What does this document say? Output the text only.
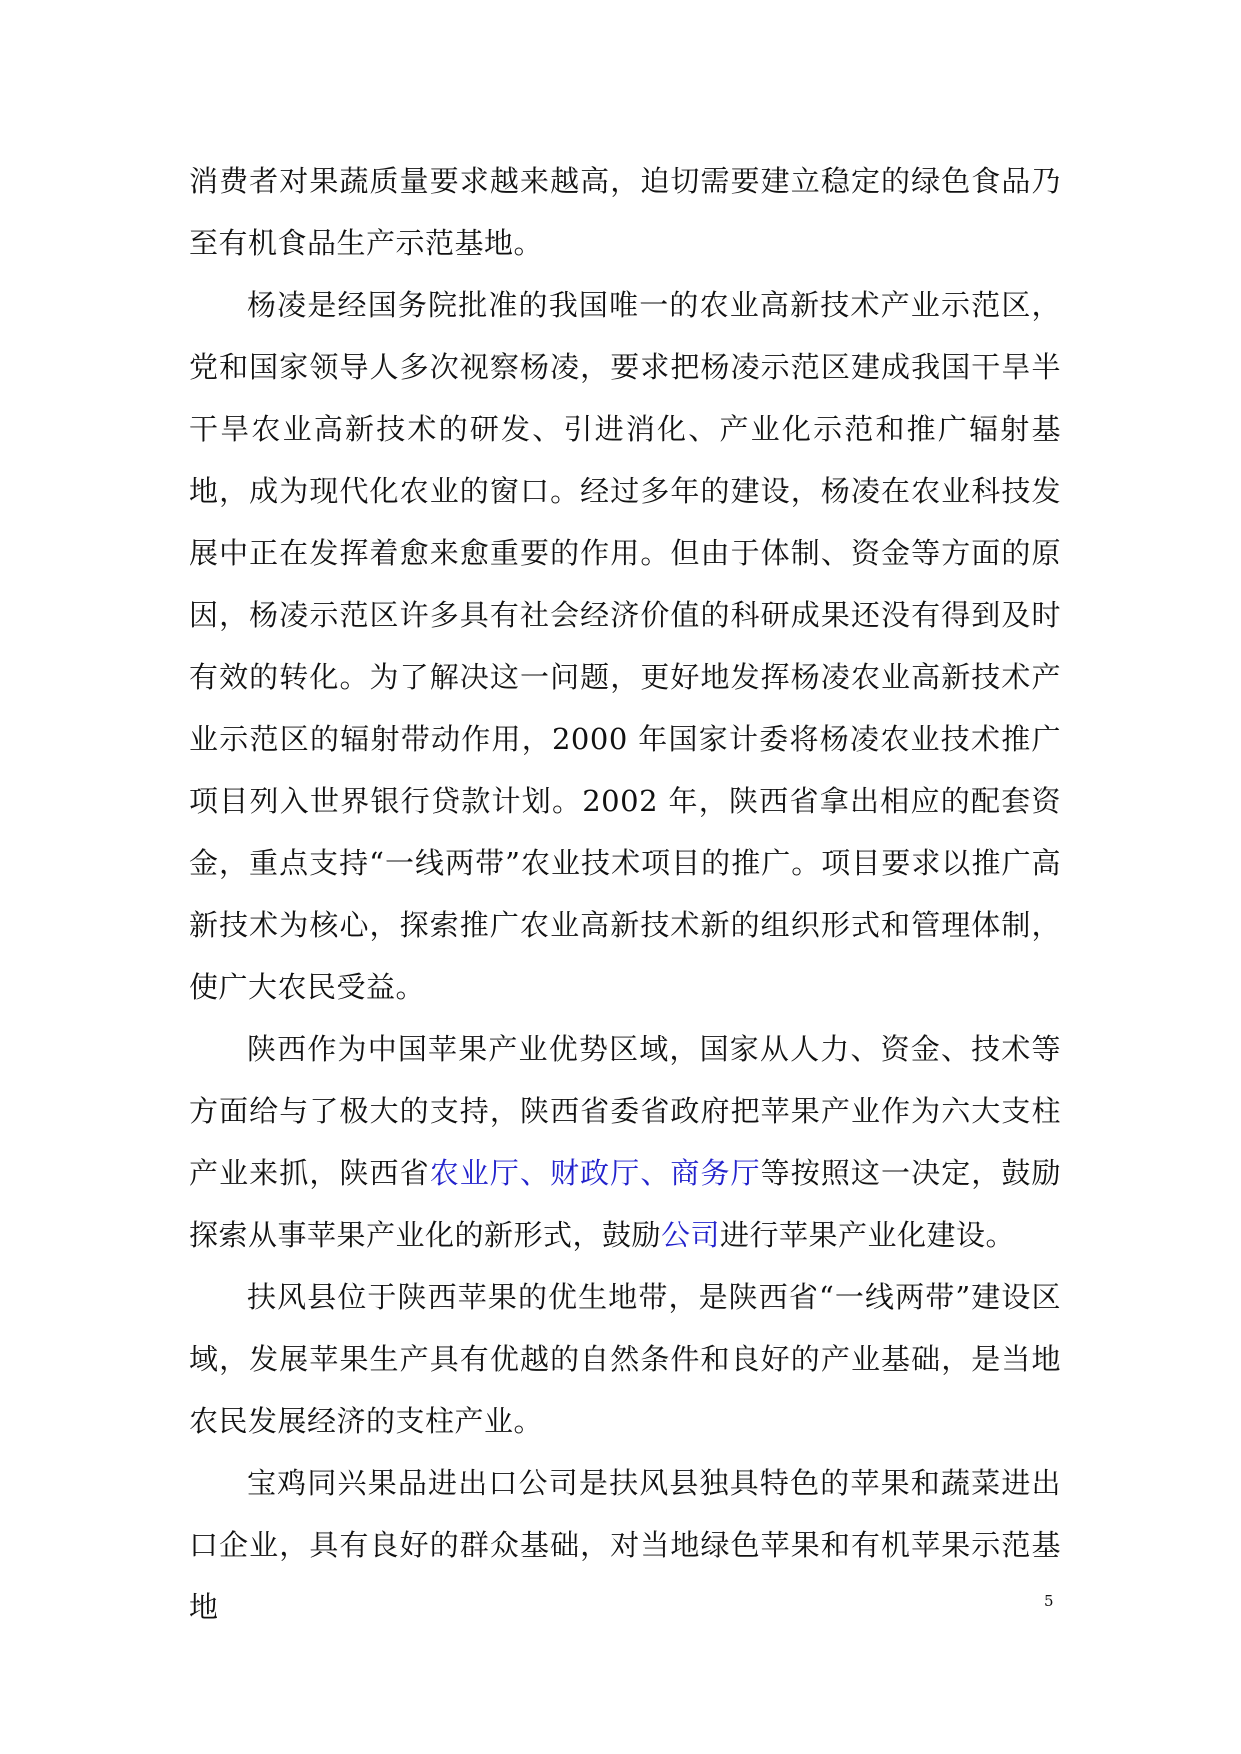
消费者对果蔬质量要求越来越高，迫切需要建立稳定的绿色食品乃至有机食品生产示范基地。

杨凌是经国务院批准的我国唯一的农业高新技术产业示范区，党和国家领导人多次视察杨凌，要求把杨凌示范区建成我国干旱半干旱农业高新技术的研发、引进消化、产业化示范和推广辐射基地，成为现代化农业的窗口。经过多年的建设，杨凌在农业科技发展中正在发挥着愈来愈重要的作用。但由于体制、资金等方面的原因，杨凌示范区许多具有社会经济价值的科研成果还没有得到及时有效的转化。为了解决这一问题，更好地发挥杨凌农业高新技术产业示范区的辐射带动作用，2000 年国家计委将杨凌农业技术推广项目列入世界银行贷款计划。2002 年，陕西省拿出相应的配套资金，重点支持“一线两带”农业技术项目的推广。项目要求以推广高新技术为核心，探索推广农业高新技术新的组织形式和管理体制，使广大农民受益。

陕西作为中国苹果产业优势区域，国家从人力、资金、技术等方面给与了极大的支持，陕西省委省政府把苹果产业作为六大支柱产业来抓，陕西省农业厅、财政厅、商务厅等按照这一决定，鼓励探索从事苹果产业化的新形式，鼓励公司进行苹果产业化建设。

扶风县位于陕西苹果的优生地带，是陕西省“一线两带”建设区域，发展苹果生产具有优越的自然条件和良好的产业基础，是当地农民发展经济的支柱产业。

宝鸡同兴果品进出口公司是扶风县独具特色的苹果和蔬菜进出口企业，具有良好的群众基础，对当地绿色苹果和有机苹果示范基地	5
